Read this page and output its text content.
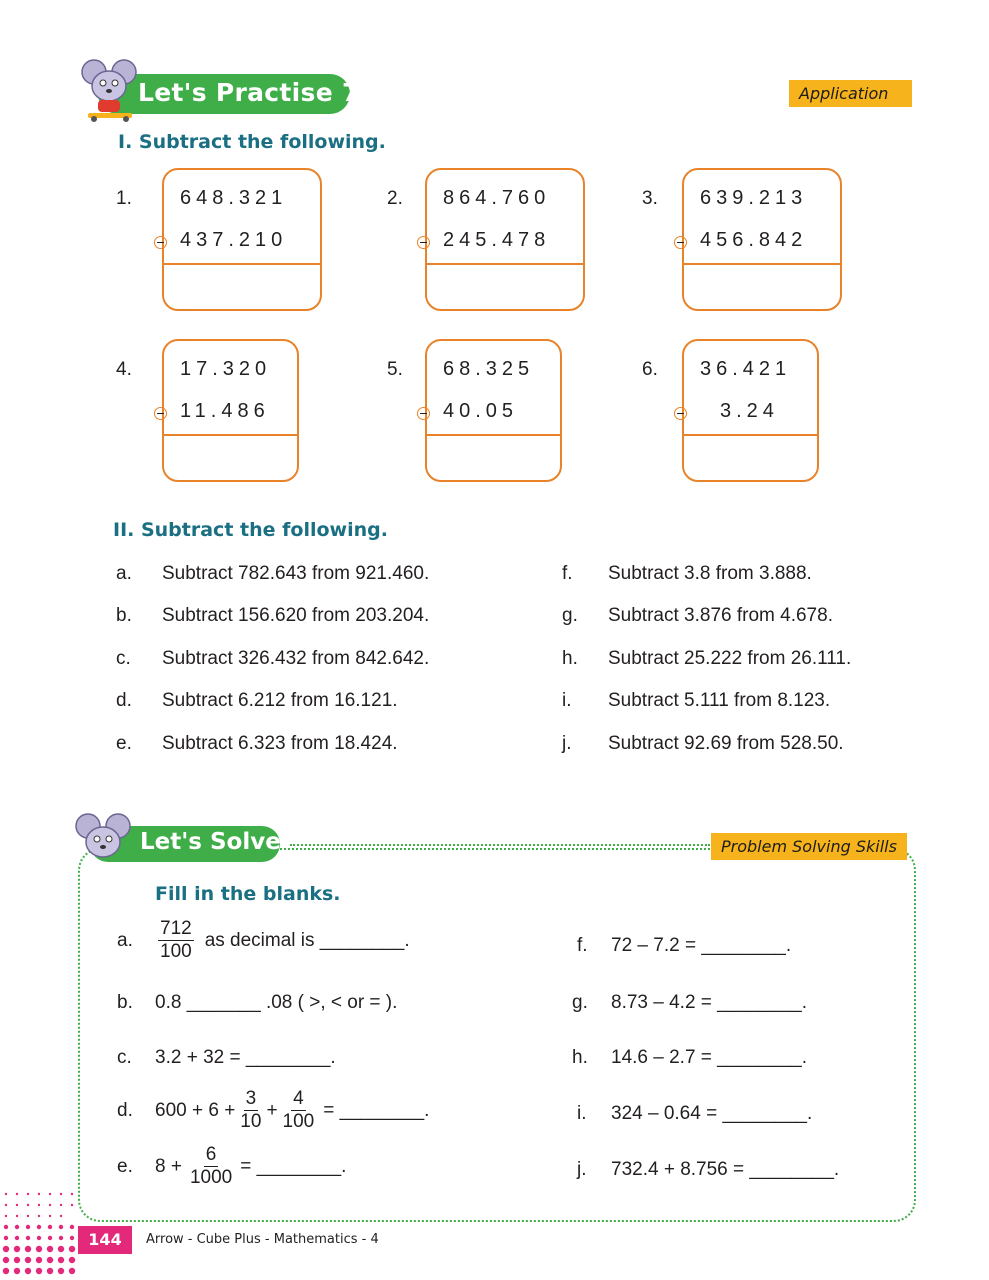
Let's Practise 7.7	Application
I. Subtract the following.
1. 648.321
437.210
2. 864.760
245.478
3. 639.213
456.842
4. 17.320
11.486
5. 68.325
40.05
6. 36.421
3.24
II. Subtract the following.
a. Subtract 782.643 from 921.460.
b. Subtract 156.620 from 203.204.
c. Subtract 326.432 from 842.642.
d. Subtract 6.212 from 16.121.
e. Subtract 6.323 from 18.424.
f. Subtract 3.8 from 3.888.
g. Subtract 3.876 from 4.678.
h. Subtract 25.222 from 26.111.
i. Subtract 5.111 from 8.123.
j. Subtract 92.69 from 528.50.
Let's Solve	Problem Solving Skills
Fill in the blanks.
a.	$\frac{712}{100}$ as decimal is ________.
b. 0.8 _______ .08 ( >, < or = ).
c. 3.2 + 32 = ________.
d.	$600 + 6 + \frac{3}{10} + \frac{4}{100}$ = ________.
e.	$8 + \frac{6}{1000}$ = ________.
f. 72 – 7.2 = ________.
g. 8.73 – 4.2 = ________.
h. 14.6 – 2.7 = ________.
i. 324 – 0.64 = ________.
j. 732.4 + 8.756 = ________.
144	Arrow - Cube Plus - Mathematics - 4
